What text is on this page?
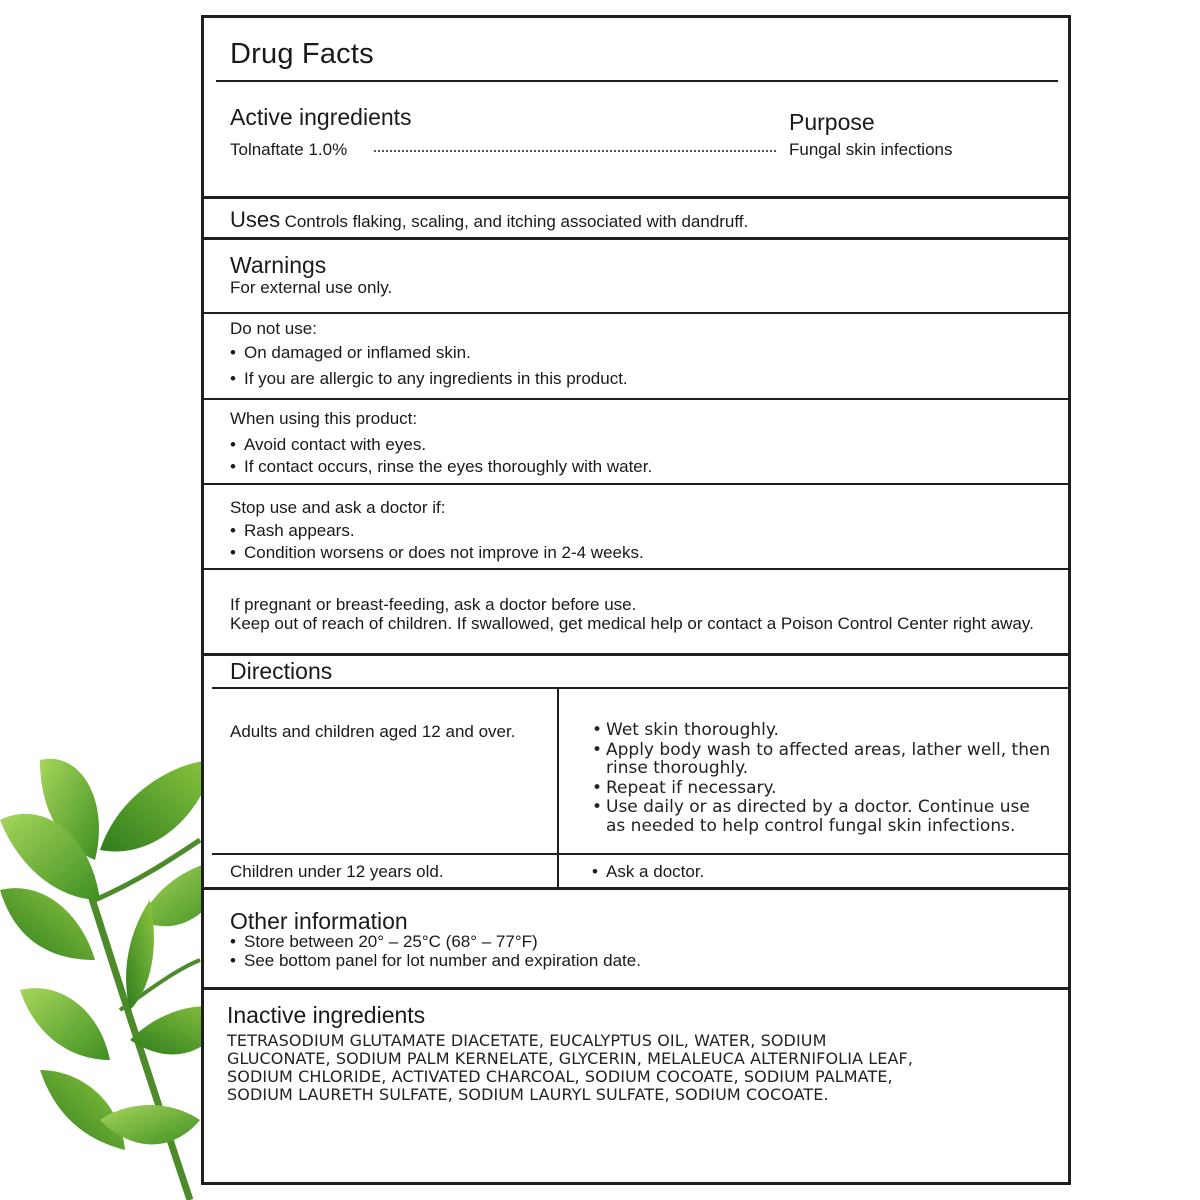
Drug Facts
Active ingredients
Tolnaftate 1.0%
Purpose
Fungal skin infections
Uses Controls flaking, scaling, and itching associated with dandruff.
Warnings
For external use only.
Do not use:
• On damaged or inflamed skin.
• If you are allergic to any ingredients in this product.
When using this product:
• Avoid contact with eyes.
• If contact occurs, rinse the eyes thoroughly with water.
Stop use and ask a doctor if:
• Rash appears.
• Condition worsens or does not improve in 2-4 weeks.
If pregnant or breast-feeding, ask a doctor before use.
Keep out of reach of children. If swallowed, get medical help or contact a Poison Control Center right away.
Directions
Adults and children aged 12 and over.	• Wet skin thoroughly.
• Apply body wash to affected areas, lather well, then rinse thoroughly.
• Repeat if necessary.
• Use daily or as directed by a doctor. Continue use as needed to help control fungal skin infections.
Children under 12 years old.	• Ask a doctor.
Other information
• Store between 20° – 25°C (68° – 77°F)
• See bottom panel for lot number and expiration date.
Inactive ingredients
TETRASODIUM GLUTAMATE DIACETATE, EUCALYPTUS OIL, WATER, SODIUM GLUCONATE, SODIUM PALM KERNELATE, GLYCERIN, MELALEUCA ALTERNIFOLIA LEAF, SODIUM CHLORIDE, ACTIVATED CHARCOAL, SODIUM COCOATE, SODIUM PALMATE, SODIUM LAURETH SULFATE, SODIUM LAURYL SULFATE, SODIUM COCOATE.
